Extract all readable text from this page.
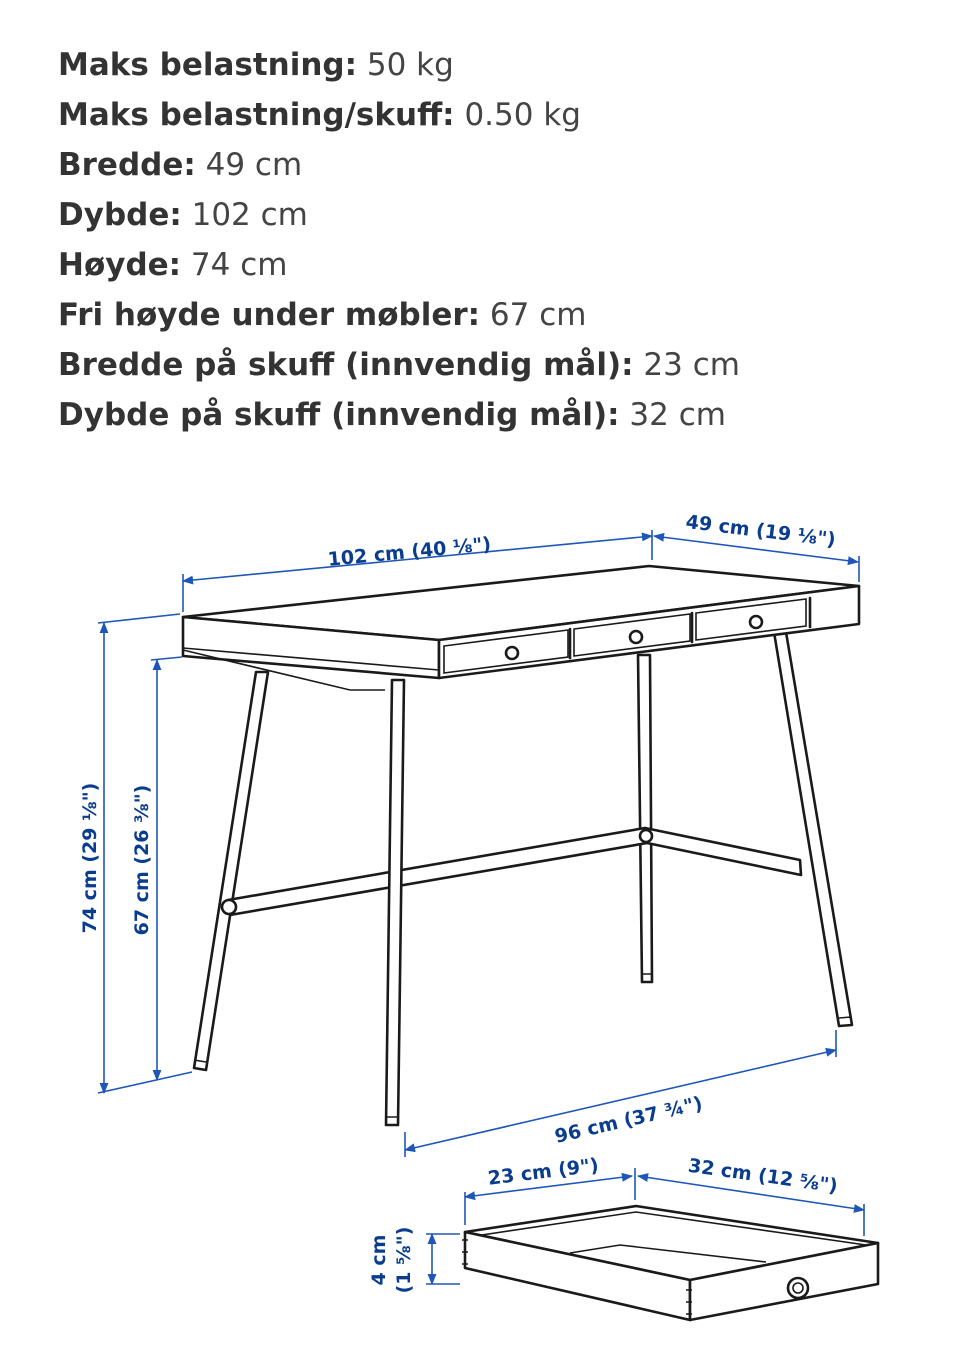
Maks belastning: 50 kg
Maks belastning/skuff: 0.50 kg
Bredde: 49 cm
Dybde: 102 cm
Høyde: 74 cm
Fri høyde under møbler: 67 cm
Bredde på skuff (innvendig mål): 23 cm
Dybde på skuff (innvendig mål): 32 cm
102 cm (40 ⅛")
49 cm (19 ⅛")
74 cm (29 ⅛") 67 cm (26 ⅜")
96 cm (37 ¾")
23 cm (9")	32 cm (12 ⅝")
4 cm (1 ⅝")
